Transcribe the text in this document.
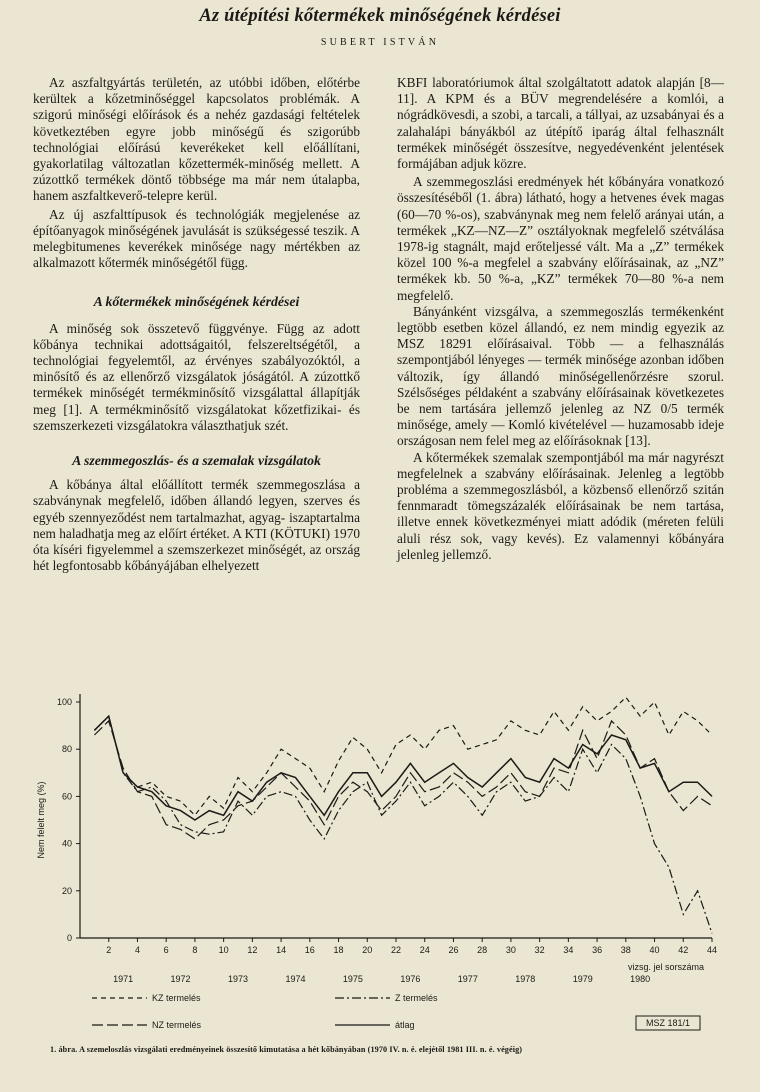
Az útépítési kőtermékek minőségének kérdései
SUBERT ISTVÁN

Az aszfaltgyártás területén, az utóbbi időben, előtérbe kerültek a kőzetminőséggel kapcsolatos problémák. A szigorú minőségi előírások és a nehéz gazdasági feltételek következtében egyre jobb minőségű és szigorúbb technológiai előírású keverékeket kell előállítani, gyakorlatilag változatlan kőzettermék-minőség mellett. A zúzottkő termékek döntő többsége ma már nem útalapba, hanem aszfaltkeverő-telepre kerül.

Az új aszfalttípusok és technológiák megjelenése az építőanyagok minőségének javulását is szükségessé teszik. A melegbitumenes keverékek minősége nagy mértékben az alkalmazott kőtermék minőségétől függ.

A kőtermékek minőségének kérdései

A minőség sok összetevő függvénye. Függ az adott kőbánya technikai adottságaitól, felszereltségétől, a technológiai fegyelemtől, az érvényes szabályozóktól, a minősítő és az ellenőrző vizsgálatok jóságától. A zúzottkő termékek minőségét termékminősítő vizsgálattal állapítják meg [1]. A termékminősítő vizsgálatokat kőzetfizikai- és szemszerkezeti vizsgálatokra választhatjuk szét.

A szemmegoszlás- és a szemalak vizsgálatok

A kőbánya által előállított termék szemmegoszlása a szabványnak megfelelő, időben állandó legyen, szerves és egyéb szennyeződést nem tartalmazhat, agyag- iszaptartalma nem haladhatja meg az előírt értéket. A KTI (KÖTUKI) 1970 óta kíséri figyelemmel a szemszerkezet minőségét, az ország hét legfontosabb kőbányájában elhelyezett

KBFI laboratóriumok által szolgáltatott adatok alapján [8—11]. A KPM és a BÜV megrendelésére a komlói, a nógrádkövesdi, a szobi, a tarcali, a tállyai, az uzsabányai és a zalahalápi bányákból az útépítő iparág által felhasznált termékek minőségét összesítve, negyedévenként jelentések formájában adjuk közre.

A szemmegoszlási eredmények hét kőbányára vonatkozó összesítéséből (1. ábra) látható, hogy a hetvenes évek magas (60—70 %-os), szabványnak meg nem felelő arányai után, a termékek „KZ—NZ—Z” osztályoknak megfelelő szétválása 1978-ig stagnált, majd erőteljessé vált. Ma a „Z” termékek közel 100 %-a megfelel a szabvány előírásainak, az „NZ” termékek kb. 50 %-a, „KZ” termékek 70—80 %-a nem megfelelő.

Bányánként vizsgálva, a szemmegoszlás termékenként legtöbb esetben közel állandó, ez nem mindig egyezik az MSZ 18291 előírásaival. Több — a felhasználás szempontjából lényeges — termék minősége azonban időben változik, így állandó minőségellenőrzésre szorul. Szélsőséges példaként a szabvány előírásainak következetes be nem tartására jellemző jelenleg az NZ 0/5 termék minősége, amely — Komló kivételével — huzamosabb ideje országosan nem felel meg az előírásoknak [13].

A kőtermékek szemalak szempontjából ma már nagyrészt megfelelnek a szabvány előírásainak. Jelenleg a legtöbb probléma a szemmegoszlásból, a közbenső ellenőrző szitán fennmaradt tömegszázalék előírásainak be nem tartása, illetve ennek következményei miatt adódik (méreten felüli aluli rész sok, vagy kevés). Ez valamennyi kőbányára jelenleg jellemző.

0
20
40
60
80
100
2	4	6	8 10 12 14 16 18 20 22 24 26 28 30 32 34 36 38 40 42 44
1971	1972	1973	1974	1975	1976	1977	1978	1979	1980
vizsg. jel sorszáma
Nem felelt meg (%)
KZ termelés
NZ termelés
Z termelés
átlag	MSZ 181/1
1. ábra. A szemeloszlás vizsgálati eredményeinek összesítő kimutatása a hét kőbányában (1970 IV. n. é. elejétől 1981 III. n. é. végéig)
